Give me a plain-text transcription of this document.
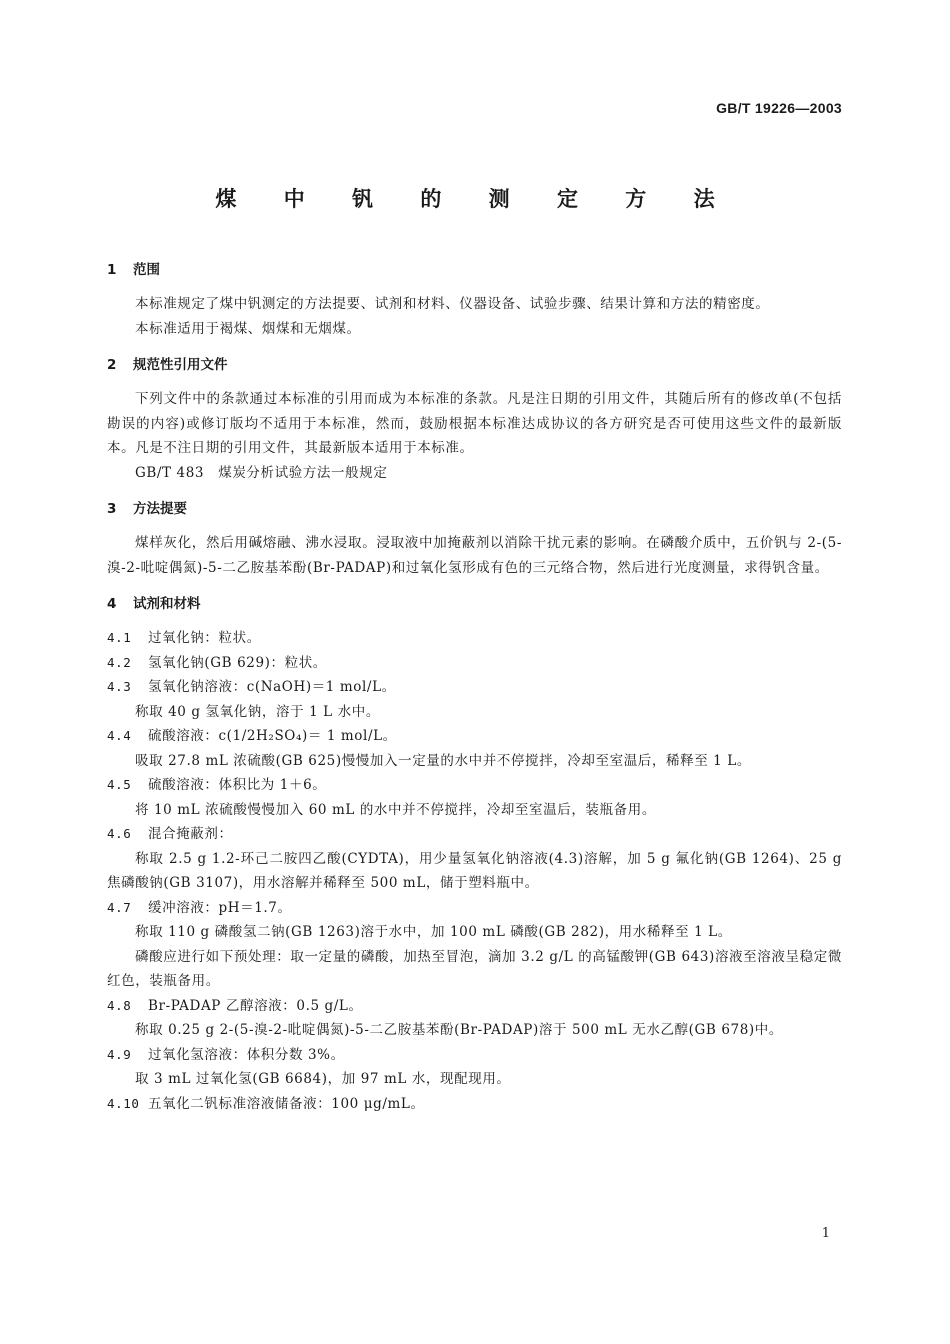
GB/T 19226—2003
煤 中 钒 的 测 定 方 法
1 范围

本标准规定了煤中钒测定的方法提要、试剂和材料、仪器设备、试验步骤、结果计算和方法的精密度。

本标准适用于褐煤、烟煤和无烟煤。

2 规范性引用文件

下列文件中的条款通过本标准的引用而成为本标准的条款。凡是注日期的引用文件，其随后所有的修改单(不包括勘误的内容)或修订版均不适用于本标准，然而，鼓励根据本标准达成协议的各方研究是否可使用这些文件的最新版本。凡是不注日期的引用文件，其最新版本适用于本标准。

GB/T 483　煤炭分析试验方法一般规定

3 方法提要

煤样灰化，然后用碱熔融、沸水浸取。浸取液中加掩蔽剂以消除干扰元素的影响。在磷酸介质中，五价钒与 2-(5-溴-2-吡啶偶氮)-5-二乙胺基苯酚(Br-PADAP)和过氧化氢形成有色的三元络合物，然后进行光度测量，求得钒含量。

4 试剂和材料

4.1 过氧化钠：粒状。

4.2 氢氧化钠(GB 629)：粒状。

4.3 氢氧化钠溶液：c(NaOH)＝1 mol/L。

称取 40 g 氢氧化钠，溶于 1 L 水中。

4.4 硫酸溶液：c(1/2H₂SO₄)＝ 1 mol/L。

吸取 27.8 mL 浓硫酸(GB 625)慢慢加入一定量的水中并不停搅拌，冷却至室温后，稀释至 1 L。

4.5 硫酸溶液：体积比为 1＋6。

将 10 mL 浓硫酸慢慢加入 60 mL 的水中并不停搅拌，冷却至室温后，装瓶备用。

4.6 混合掩蔽剂：

称取 2.5 g 1.2-环己二胺四乙酸(CYDTA)，用少量氢氧化钠溶液(4.3)溶解，加 5 g 氟化钠(GB 1264)、25 g 焦磷酸钠(GB 3107)，用水溶解并稀释至 500 mL，储于塑料瓶中。

4.7 缓冲溶液：pH＝1.7。

称取 110 g 磷酸氢二钠(GB 1263)溶于水中，加 100 mL 磷酸(GB 282)，用水稀释至 1 L。

磷酸应进行如下预处理：取一定量的磷酸，加热至冒泡，滴加 3.2 g/L 的高锰酸钾(GB 643)溶液至溶液呈稳定微红色，装瓶备用。

4.8 Br-PADAP 乙醇溶液：0.5 g/L。

称取 0.25 g 2-(5-溴-2-吡啶偶氮)-5-二乙胺基苯酚(Br-PADAP)溶于 500 mL 无水乙醇(GB 678)中。

4.9 过氧化氢溶液：体积分数 3%。

取 3 mL 过氧化氢(GB 6684)，加 97 mL 水，现配现用。

4.10 五氧化二钒标准溶液储备液：100 μg/mL。

1
